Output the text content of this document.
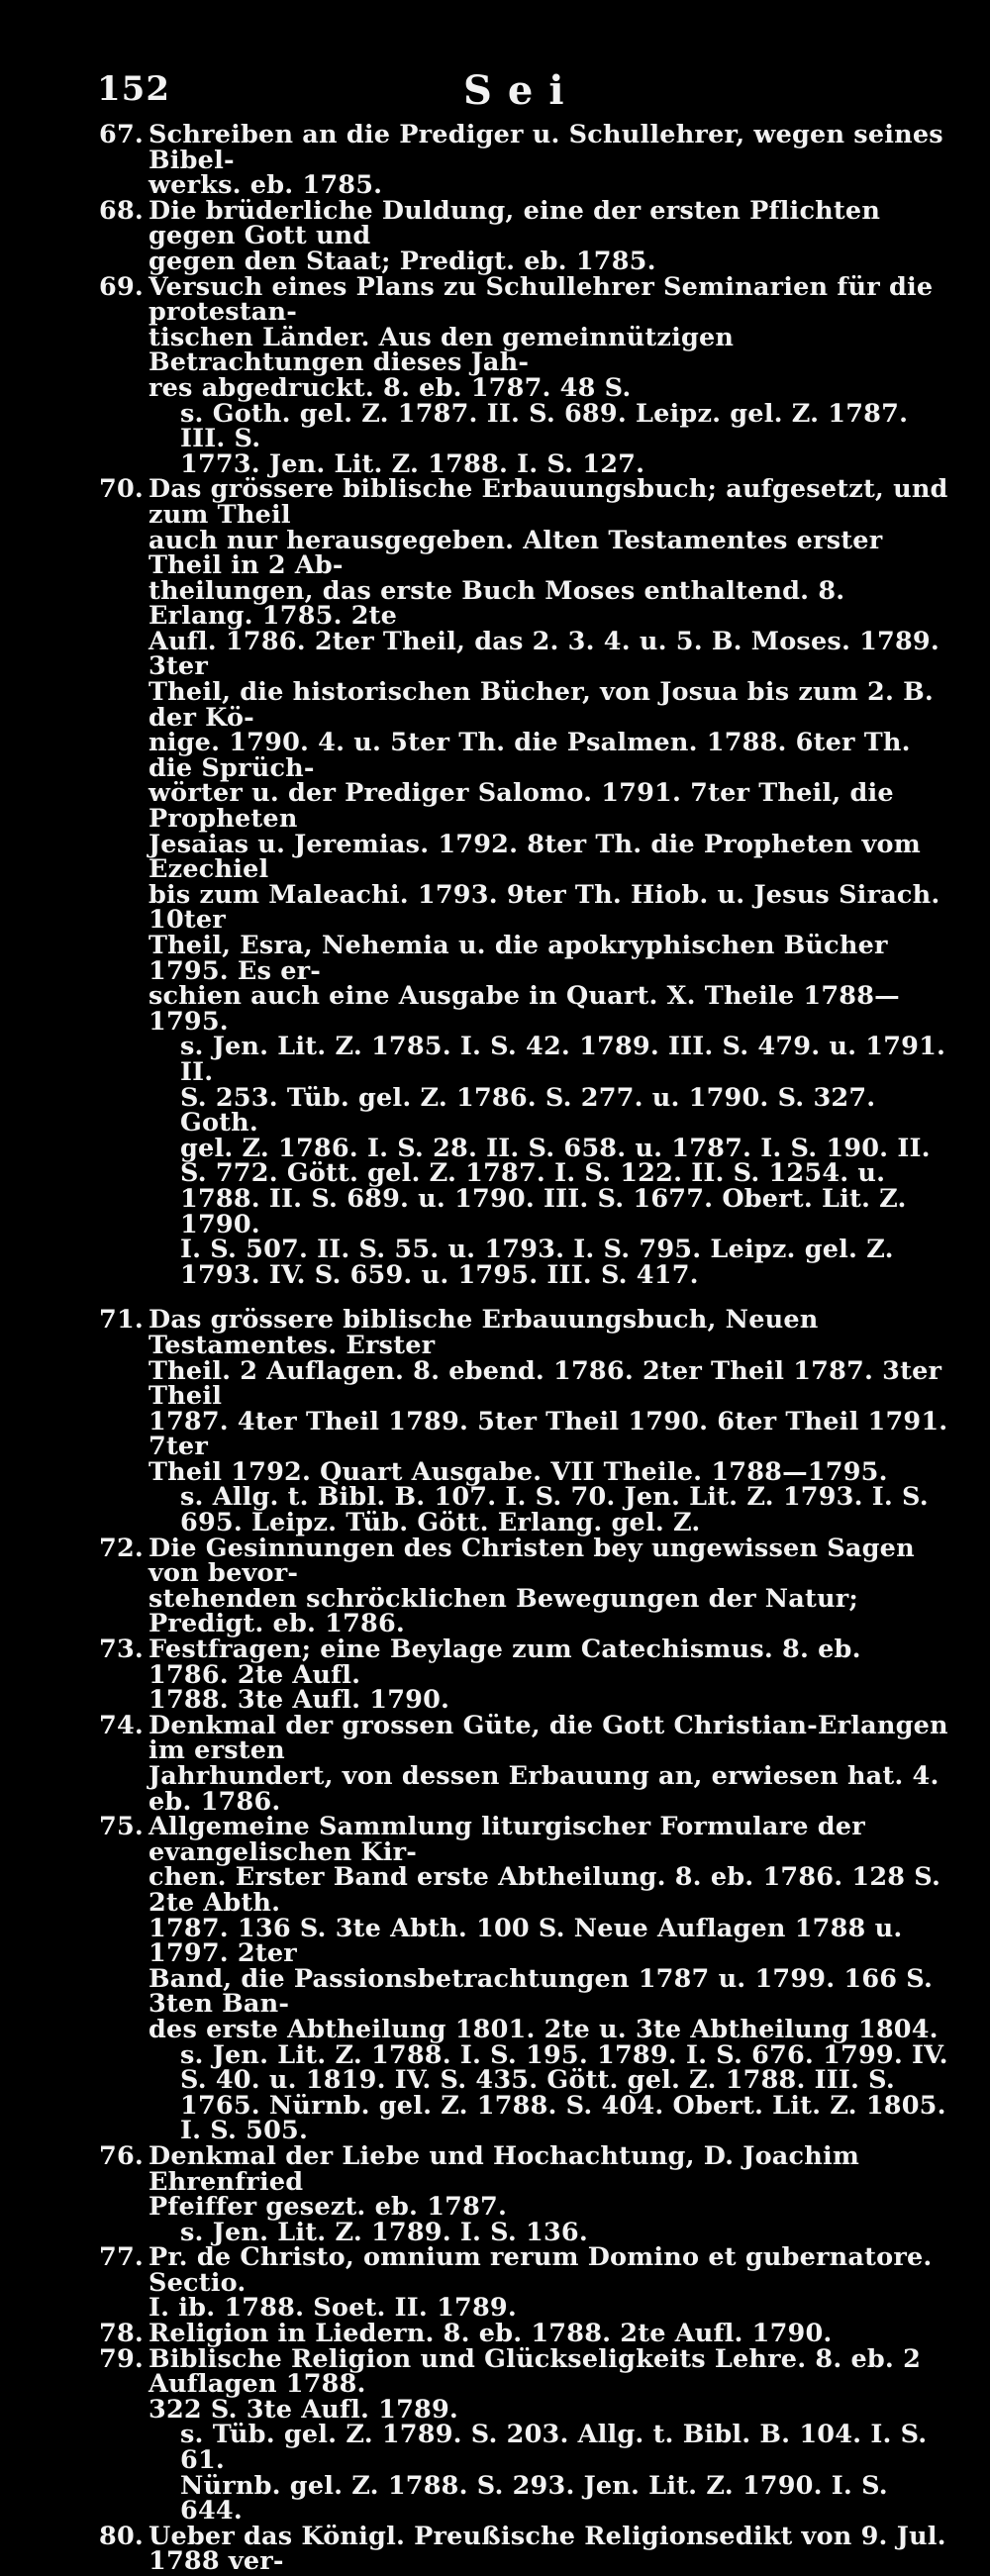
152	Sei
67. Schreiben an die Prediger u. Schullehrer, wegen seines Bibel-
werks. eb. 1785.
68. Die brüderliche Duldung, eine der ersten Pflichten gegen Gott und
gegen den Staat; Predigt. eb. 1785.
69. Versuch eines Plans zu Schullehrer Seminarien für die protestan-
tischen Länder. Aus den gemeinnützigen Betrachtungen dieses Jah-
res abgedruckt. 8. eb. 1787. 48 S.
s. Goth. gel. Z. 1787. II. S. 689. Leipz. gel. Z. 1787. III. S.
1773. Jen. Lit. Z. 1788. I. S. 127.
70. Das grössere biblische Erbauungsbuch; aufgesetzt, und zum Theil
auch nur herausgegeben. Alten Testamentes erster Theil in 2 Ab-
theilungen, das erste Buch Moses enthaltend. 8. Erlang. 1785. 2te
Aufl. 1786. 2ter Theil, das 2. 3. 4. u. 5. B. Moses. 1789. 3ter
Theil, die historischen Bücher, von Josua bis zum 2. B. der Kö-
nige. 1790. 4. u. 5ter Th. die Psalmen. 1788. 6ter Th. die Sprüch-
wörter u. der Prediger Salomo. 1791. 7ter Theil, die Propheten
Jesaias u. Jeremias. 1792. 8ter Th. die Propheten vom Ezechiel
bis zum Maleachi. 1793. 9ter Th. Hiob. u. Jesus Sirach. 10ter
Theil, Esra, Nehemia u. die apokryphischen Bücher 1795. Es er-
schien auch eine Ausgabe in Quart. X. Theile 1788—1795.
s. Jen. Lit. Z. 1785. I. S. 42. 1789. III. S. 479. u. 1791. II.
S. 253. Tüb. gel. Z. 1786. S. 277. u. 1790. S. 327. Goth.
gel. Z. 1786. I. S. 28. II. S. 658. u. 1787. I. S. 190. II.
S. 772. Gött. gel. Z. 1787. I. S. 122. II. S. 1254. u.
1788. II. S. 689. u. 1790. III. S. 1677. Obert. Lit. Z. 1790.
I. S. 507. II. S. 55. u. 1793. I. S. 795. Leipz. gel. Z.
1793. IV. S. 659. u. 1795. III. S. 417.
71. Das grössere biblische Erbauungsbuch, Neuen Testamentes. Erster
Theil. 2 Auflagen. 8. ebend. 1786. 2ter Theil 1787. 3ter Theil
1787. 4ter Theil 1789. 5ter Theil 1790. 6ter Theil 1791. 7ter
Theil 1792. Quart Ausgabe. VII Theile. 1788—1795.
s. Allg. t. Bibl. B. 107. I. S. 70. Jen. Lit. Z. 1793. I. S.
695. Leipz. Tüb. Gött. Erlang. gel. Z.
72. Die Gesinnungen des Christen bey ungewissen Sagen von bevor-
stehenden schröcklichen Bewegungen der Natur; Predigt. eb. 1786.
73. Festfragen; eine Beylage zum Catechismus. 8. eb. 1786. 2te Aufl.
1788. 3te Aufl. 1790.
74. Denkmal der grossen Güte, die Gott Christian-Erlangen im ersten
Jahrhundert, von dessen Erbauung an, erwiesen hat. 4. eb. 1786.
75. Allgemeine Sammlung liturgischer Formulare der evangelischen Kir-
chen. Erster Band erste Abtheilung. 8. eb. 1786. 128 S. 2te Abth.
1787. 136 S. 3te Abth. 100 S. Neue Auflagen 1788 u. 1797. 2ter
Band, die Passionsbetrachtungen 1787 u. 1799. 166 S. 3ten Ban-
des erste Abtheilung 1801. 2te u. 3te Abtheilung 1804.
s. Jen. Lit. Z. 1788. I. S. 195. 1789. I. S. 676. 1799. IV.
S. 40. u. 1819. IV. S. 435. Gött. gel. Z. 1788. III. S.
1765. Nürnb. gel. Z. 1788. S. 404. Obert. Lit. Z. 1805.
I. S. 505.
76. Denkmal der Liebe und Hochachtung, D. Joachim Ehrenfried
Pfeiffer gesezt. eb. 1787.
s. Jen. Lit. Z. 1789. I. S. 136.
77. Pr. de Christo, omnium rerum Domino et gubernatore. Sectio.
I. ib. 1788. Soet. II. 1789.
78. Religion in Liedern. 8. eb. 1788. 2te Aufl. 1790.
79. Biblische Religion und Glückseligkeits Lehre. 8. eb. 2 Auflagen 1788.
322 S. 3te Aufl. 1789.
s. Tüb. gel. Z. 1789. S. 203. Allg. t. Bibl. B. 104. I. S. 61.
Nürnb. gel. Z. 1788. S. 293. Jen. Lit. Z. 1790. I. S. 644.
80. Ueber das Königl. Preußische Religionsedikt von 9. Jul. 1788 ver-
